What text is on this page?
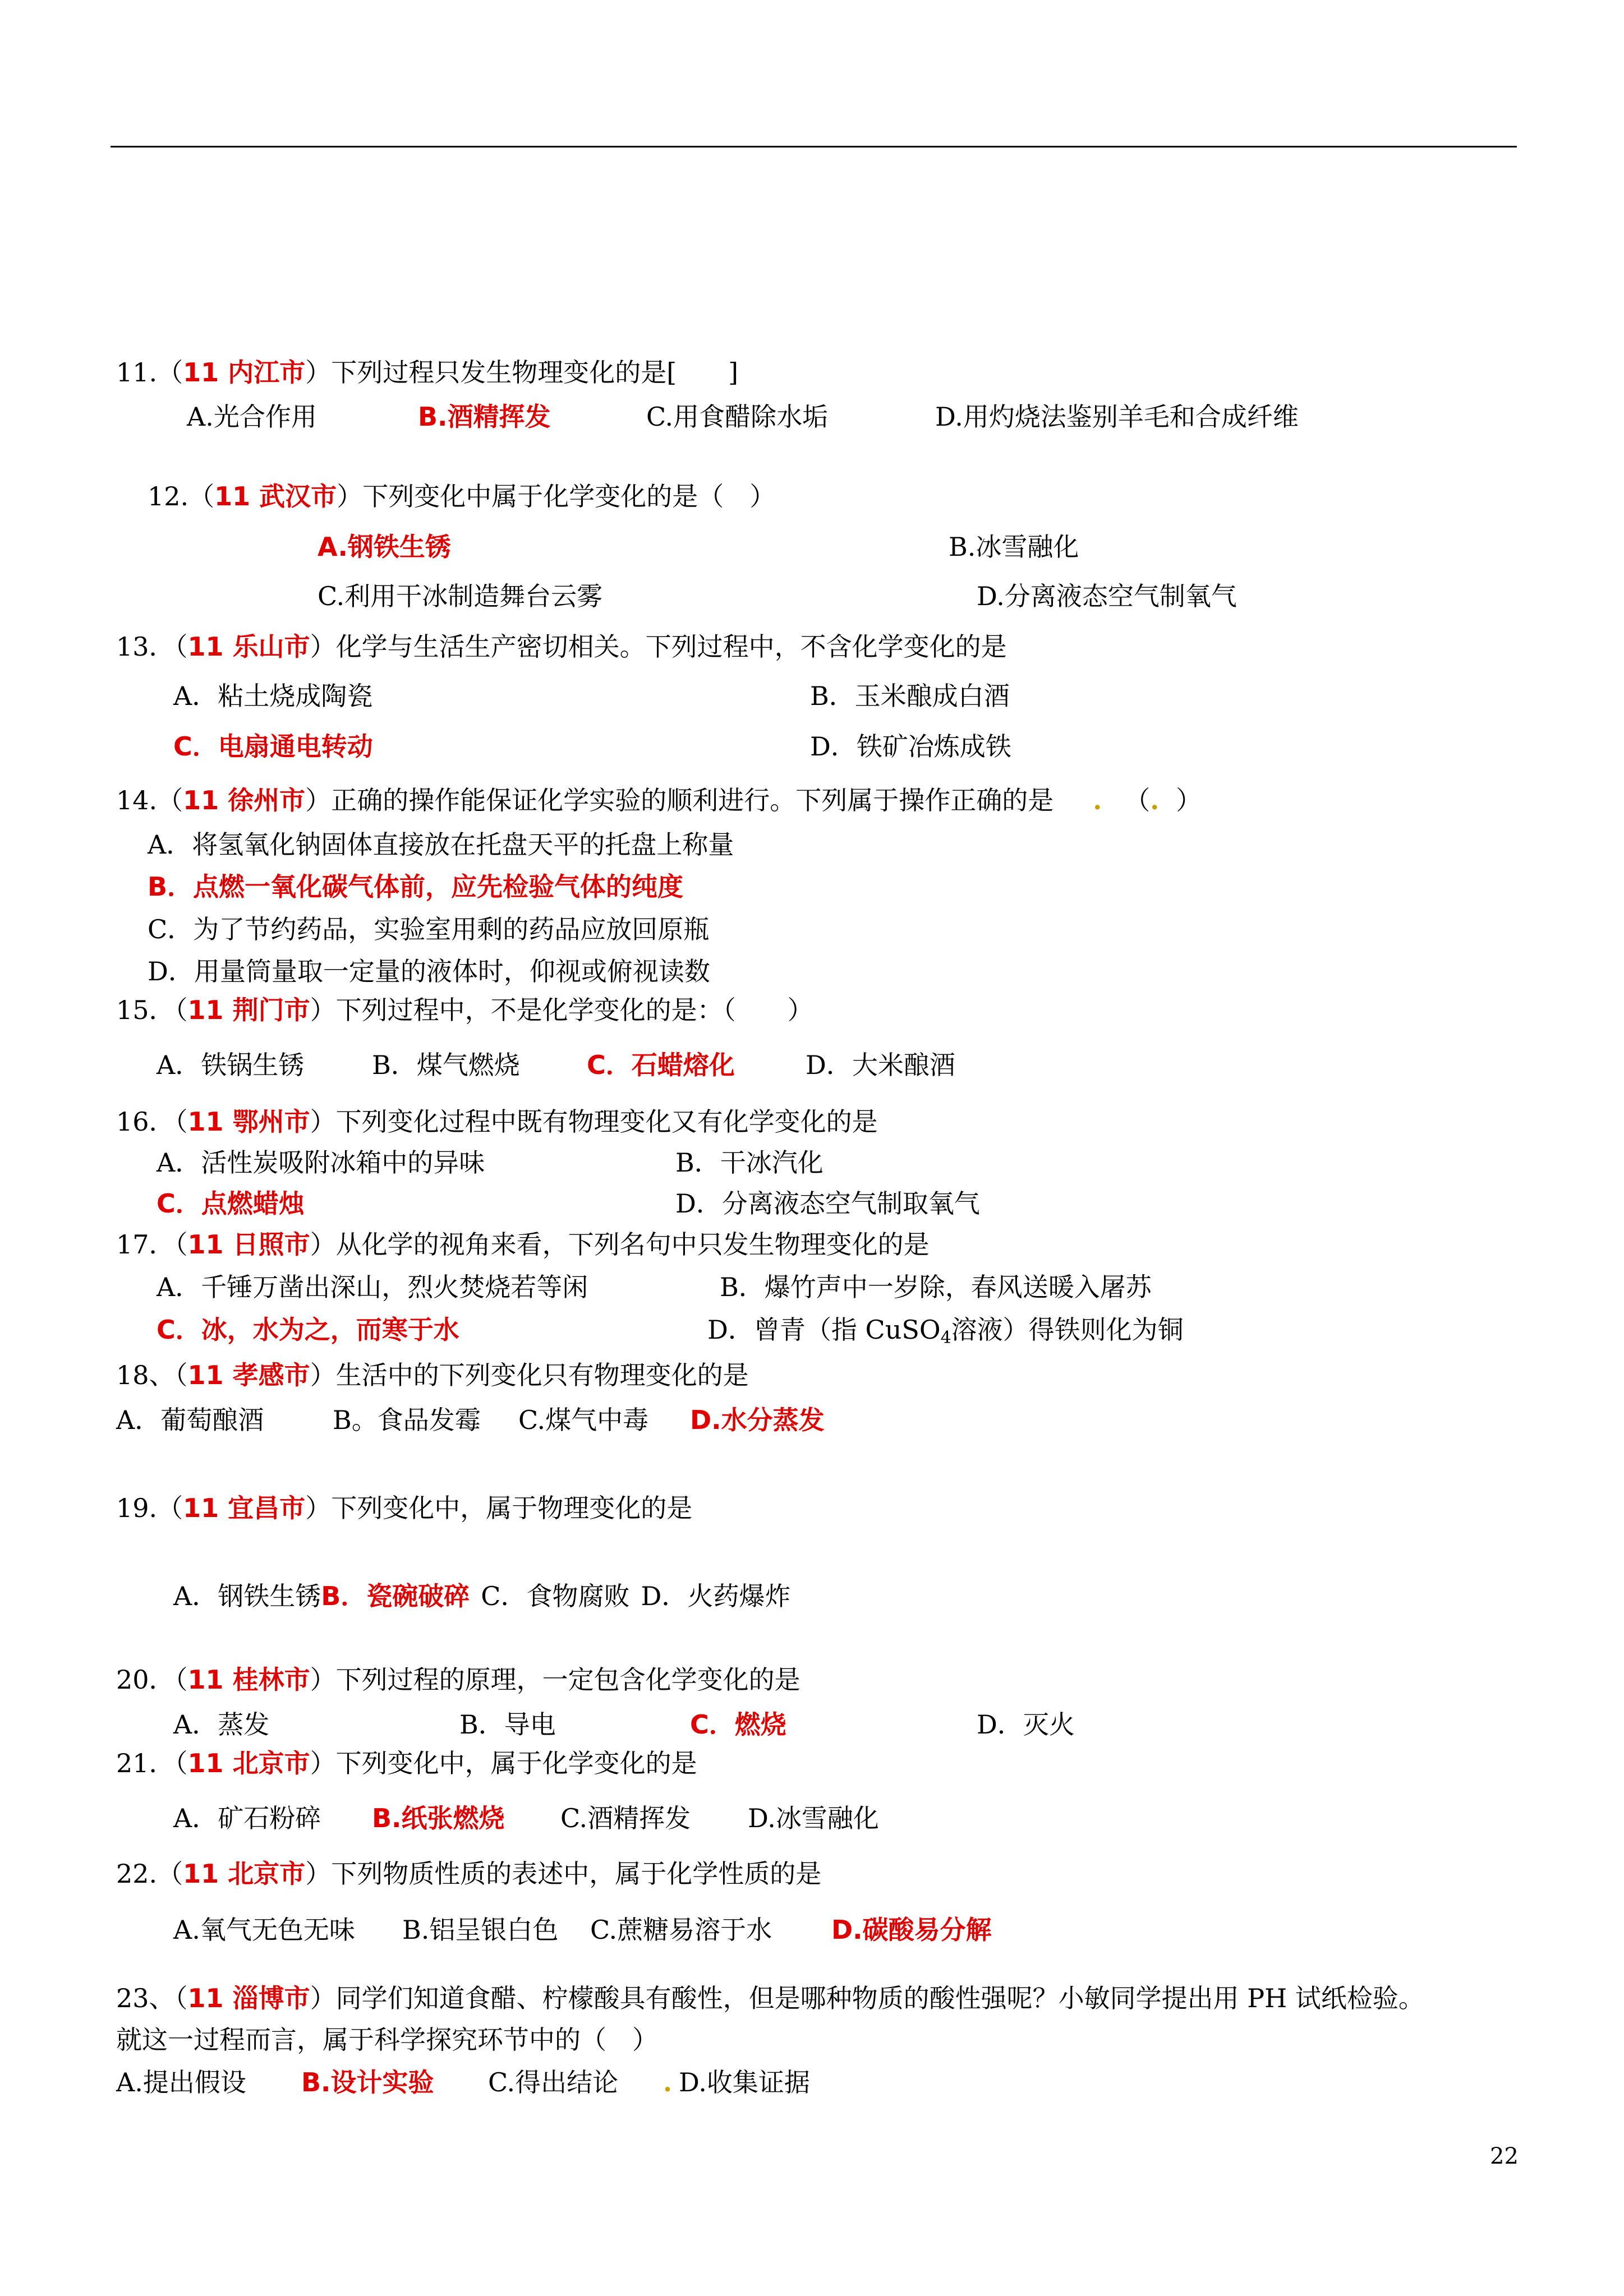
11.（11 内江市）下列过程只发生物理变化的是[　　]
A.光合作用	B.酒精挥发	C.用食醋除水垢	D.用灼烧法鉴别羊毛和合成纤维
12.（11 武汉市）下列变化中属于化学变化的是（　）
A.钢铁生锈	B.冰雪融化
C.利用干冰制造舞台云雾	D.分离液态空气制氧气
13．（11 乐山市）化学与生活生产密切相关。下列过程中，不含化学变化的是
A．粘土烧成陶瓷	B．玉米酿成白酒
C．电扇通电转动	D．铁矿冶炼成铁
14.（11 徐州市）正确的操作能保证化学实验的顺利进行。下列属于操作正确的是 . （. ）
A．将氢氧化钠固体直接放在托盘天平的托盘上称量
B．点燃一氧化碳气体前，应先检验气体的纯度
C．为了节约药品，实验室用剩的药品应放回原瓶
D．用量筒量取一定量的液体时，仰视或俯视读数
15．（11 荆门市）下列过程中，不是化学变化的是：（　　）
A．铁锅生锈	B．煤气燃烧	C．石蜡熔化	D．大米酿酒
16．（11 鄂州市）下列变化过程中既有物理变化又有化学变化的是
A．活性炭吸附冰箱中的异味	B．干冰汽化
C．点燃蜡烛	D．分离液态空气制取氧气
17．（11 日照市）从化学的视角来看，下列名句中只发生物理变化的是
A．千锤万凿出深山，烈火焚烧若等闲	B．爆竹声中一岁除，春风送暖入屠苏
C．冰，水为之，而寒于水	D．曾青（指 CuSO$_4$溶液）得铁则化为铜
18、（11 孝感市）生活中的下列变化只有物理变化的是
A．葡萄酿酒	B。食品发霉 C.煤气中毒 D.水分蒸发
19.（11 宜昌市）下列变化中，属于物理变化的是
A．钢铁生锈B．瓷碗破碎 C．食物腐败 D．火药爆炸
20．（11 桂林市）下列过程的原理，一定包含化学变化的是
A．蒸发	B．导电	C．燃烧	D．灭火
21．（11 北京市）下列变化中，属于化学变化的是
A．矿石粉碎 B.纸张燃烧 C.酒精挥发 D.冰雪融化
22.（11 北京市）下列物质性质的表述中，属于化学性质的是
A.氧气无色无味 B.铝呈银白色 C.蔗糖易溶于水 D.碳酸易分解
23、（11 淄博市）同学们知道食醋、柠檬酸具有酸性，但是哪种物质的酸性强呢？小敏同学提出用 PH 试纸检验。
就这一过程而言，属于科学探究环节中的（　）
A.提出假设 B.设计实验 C.得出结论 . D.收集证据
22
